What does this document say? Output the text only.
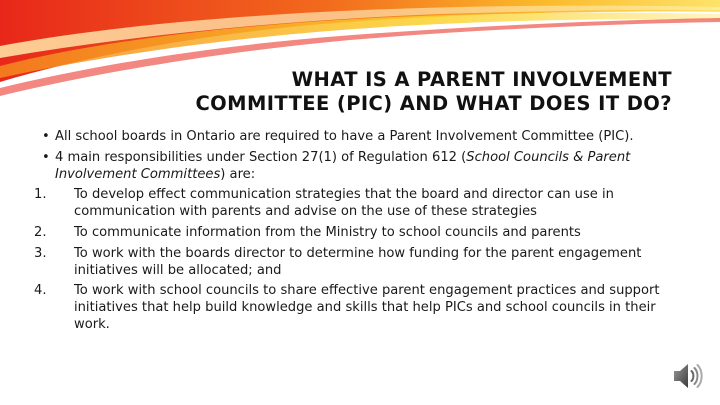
WHAT IS A PARENT INVOLVEMENT
COMMITTEE (PIC) AND WHAT DOES IT DO?

• All school boards in Ontario are required to have a Parent Involvement Committee (PIC).

• 4 main responsibilities under Section 27(1) of Regulation 612 (School Councils & Parent Involvement Committees) are:

1. To develop effect communication strategies that the board and director can use in communication with parents and advise on the use of these strategies

2. To communicate information from the Ministry to school councils and parents

3. To work with the boards director to determine how funding for the parent engagement initiatives will be allocated; and

4. To work with school councils to share effective parent engagement practices and support initiatives that help build knowledge and skills that help PICs and school councils in their work.
